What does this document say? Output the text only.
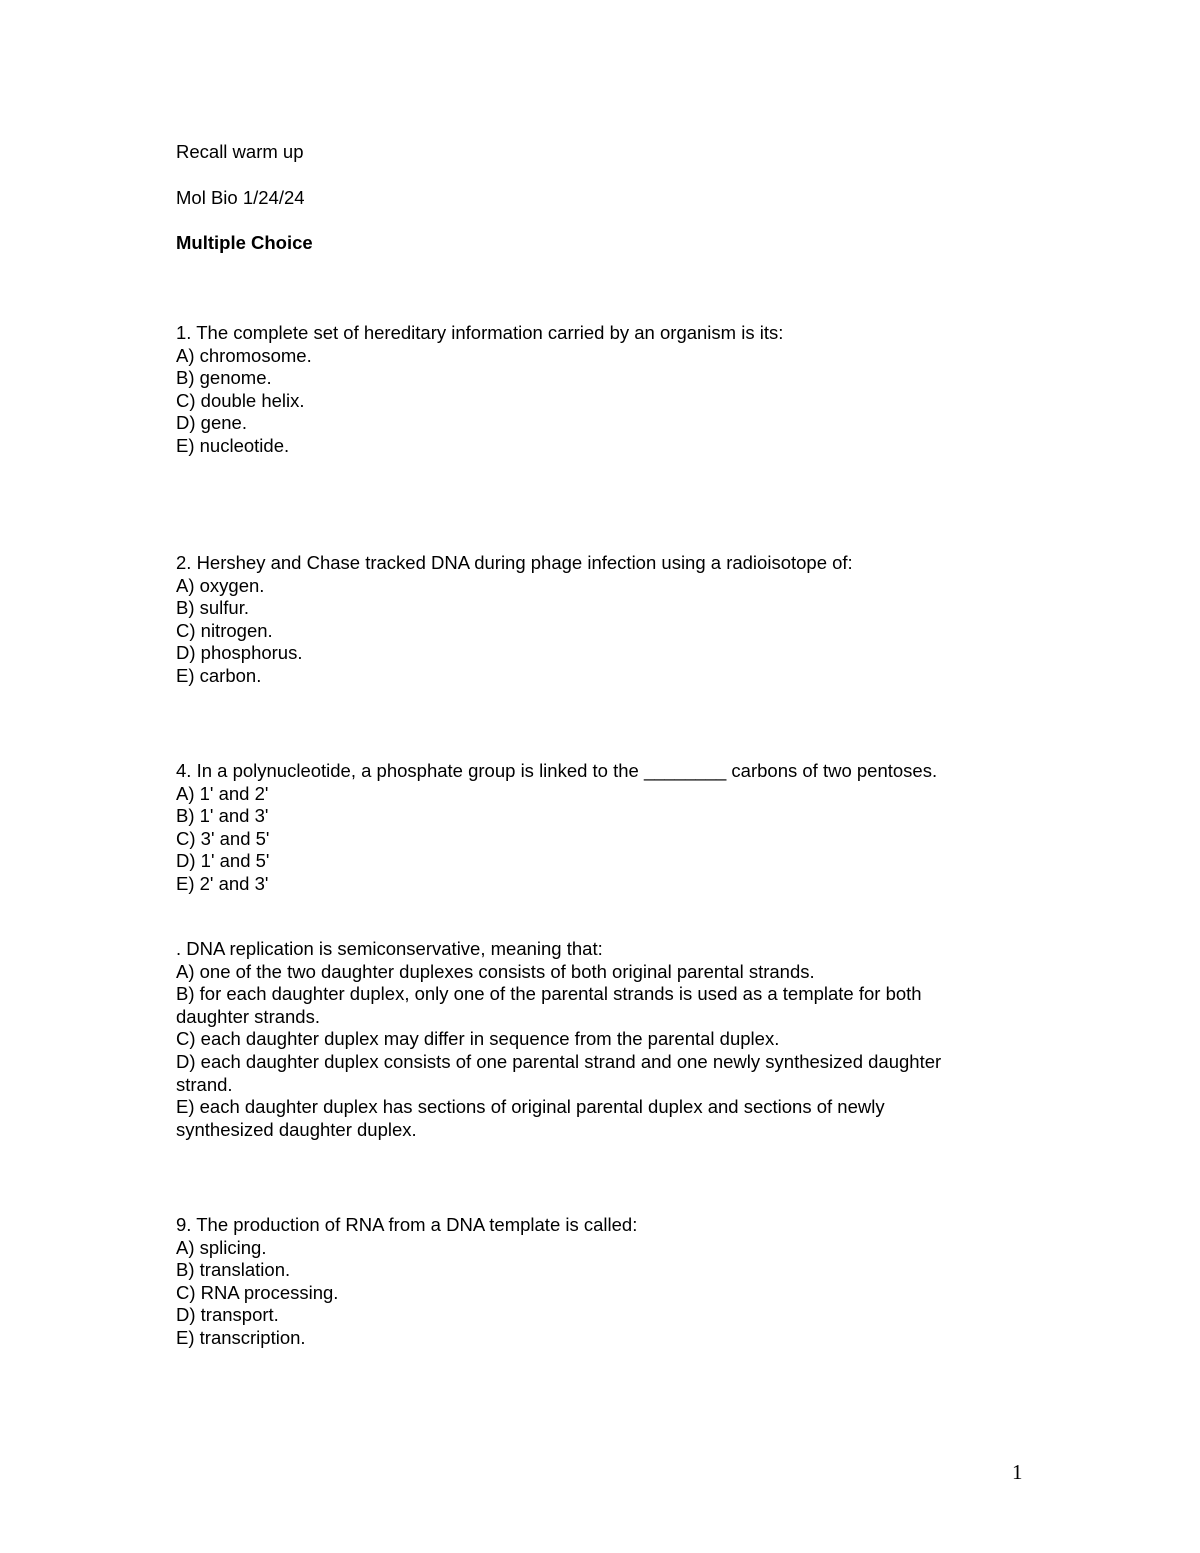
Recall warm up

Mol Bio 1/24/24

Multiple Choice

1. The complete set of hereditary information carried by an organism is its:

A) chromosome.

B) genome.

C) double helix.

D) gene.

E) nucleotide.

2. Hershey and Chase tracked DNA during phage infection using a radioisotope of:

A) oxygen.

B) sulfur.

C) nitrogen.

D) phosphorus.

E) carbon.

4. In a polynucleotide, a phosphate group is linked to the ________ carbons of two pentoses.

A) 1' and 2'

B) 1' and 3'

C) 3' and 5'

D) 1' and 5'

E) 2' and 3'

. DNA replication is semiconservative, meaning that:

A) one of the two daughter duplexes consists of both original parental strands.

B) for each daughter duplex, only one of the parental strands is used as a template for both

daughter strands.

C) each daughter duplex may differ in sequence from the parental duplex.

D) each daughter duplex consists of one parental strand and one newly synthesized daughter

strand.

E) each daughter duplex has sections of original parental duplex and sections of newly

synthesized daughter duplex.

9. The production of RNA from a DNA template is called:

A) splicing.

B) translation.

C) RNA processing.

D) transport.

E) transcription.

1
